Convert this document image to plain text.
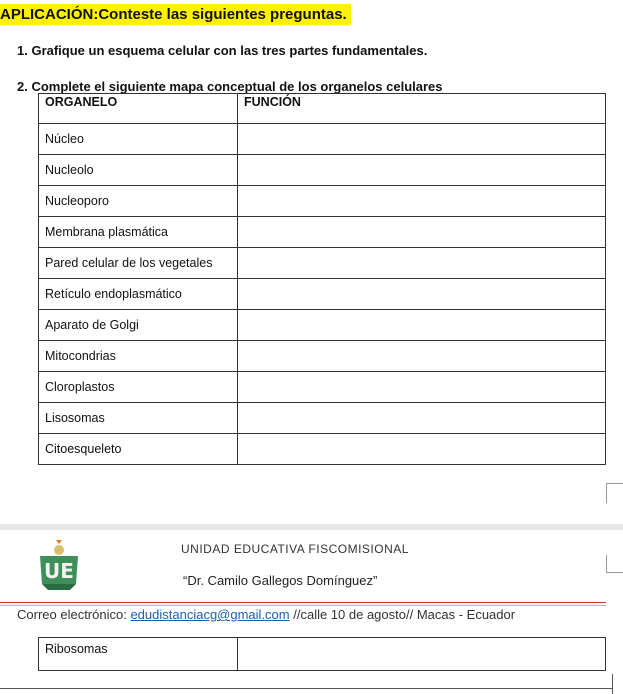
APLICACIÓN:Conteste las siguientes preguntas.
1. Grafique un esquema celular con las tres partes fundamentales.
2. Complete el siguiente mapa conceptual de los organelos celulares
ORGANELO	FUNCIÓN
Núcleo	
Nucleolo	
Nucleoporo	
Membrana plasmática	
Pared celular de los vegetales	
Retículo endoplasmático	
Aparato de Golgi	
Mitocondrias	
Cloroplastos	
Lisosomas	
Citoesqueleto	
UE
UNIDAD EDUCATIVA FISCOMISIONAL
“Dr. Camilo Gallegos Domínguez”
Correo electrónico: edudistanciacg@gmail.com //calle 10 de agosto// Macas - Ecuador
Ribosomas	
